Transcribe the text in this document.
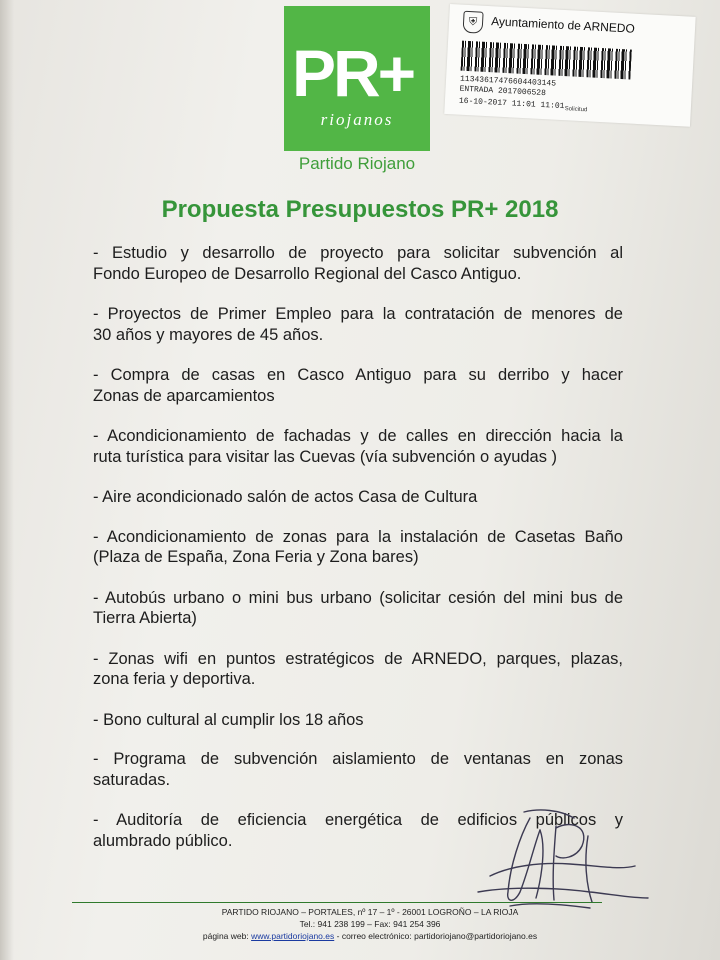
PR+
riojanos
Partido Riojano
⛨	Ayuntamiento de ARNEDO
11343617476604403145
ENTRADA 2017006528
16-10-2017 11:01 11:01 Solicitud
Propuesta Presupuestos PR+ 2018
- Estudio y desarrollo de proyecto para solicitar subvención al
Fondo Europeo de Desarrollo Regional del Casco Antiguo.
- Proyectos de Primer Empleo para la contratación de menores de
30 años y mayores de 45 años.
- Compra de casas en Casco Antiguo para su derribo y hacer
Zonas de aparcamientos
- Acondicionamiento de fachadas y de calles en dirección hacia la
ruta turística para visitar las Cuevas (vía subvención o ayudas )
- Aire acondicionado salón de actos Casa de Cultura
- Acondicionamiento de zonas para la instalación de Casetas Baño
(Plaza de España, Zona Feria y Zona bares)
- Autobús urbano o mini bus urbano (solicitar cesión del mini bus de
Tierra Abierta)
- Zonas wifi en puntos estratégicos de ARNEDO, parques, plazas,
zona feria y deportiva.
- Bono cultural al cumplir los 18 años
- Programa de subvención aislamiento de ventanas en zonas
saturadas.
- Auditoría de eficiencia energética de edificios públicos y
alumbrado público.
PARTIDO RIOJANO – PORTALES, nº 17 – 1º - 26001 LOGROÑO – LA RIOJA
Tel.: 941 238 199 – Fax: 941 254 396
página web: www.partidoriojano.es - correo electrónico: partidoriojano@partidoriojano.es
